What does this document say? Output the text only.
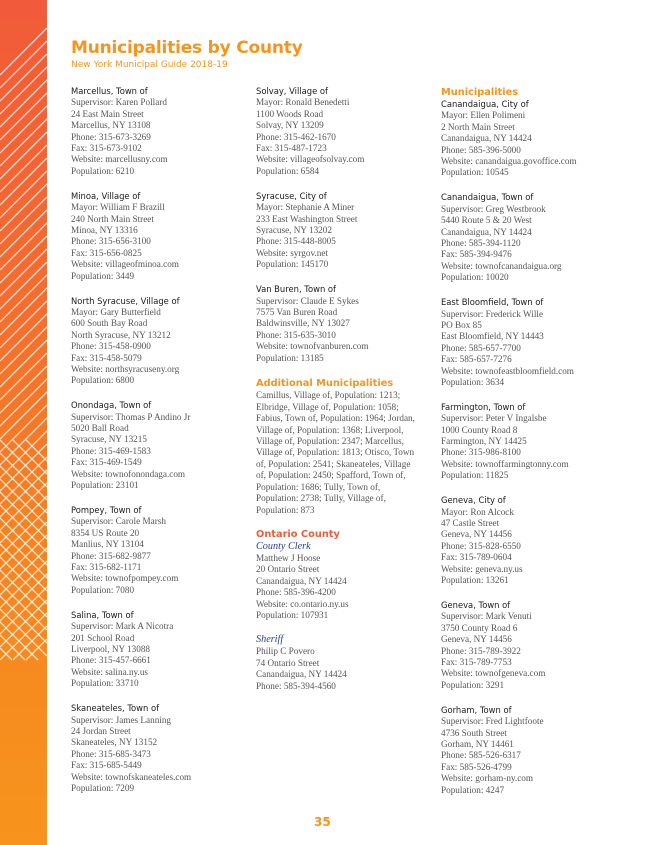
Municipalities by County
New York Municipal Guide 2018-19
Marcellus, Town of
Supervisor: Karen Pollard
24 East Main Street
Marcellus, NY 13108
Phone: 315-673-3269
Fax: 315-673-9102
Website: marcellusny.com
Population: 6210
Minoa, Village of
Mayor: William F Brazill
240 North Main Street
Minoa, NY 13316
Phone: 315-656-3100
Fax: 315-656-0825
Website: villageofminoa.com
Population: 3449
North Syracuse, Village of
Mayor: Gary Butterfield
600 South Bay Road
North Syracuse, NY 13212
Phone: 315-458-0900
Fax: 315-458-5079
Website: northsyracuseny.org
Population: 6800
Onondaga, Town of
Supervisor: Thomas P Andino Jr
5020 Ball Road
Syracuse, NY 13215
Phone: 315-469-1583
Fax: 315-469-1549
Website: townofonondaga.com
Population: 23101
Pompey, Town of
Supervisor: Carole Marsh
8354 US Route 20
Manlius, NY 13104
Phone: 315-682-9877
Fax: 315-682-1171
Website: townofpompey.com
Population: 7080
Salina, Town of
Supervisor: Mark A Nicotra
201 School Road
Liverpool, NY 13088
Phone: 315-457-6661
Website: salina.ny.us
Population: 33710
Skaneateles, Town of
Supervisor: James Lanning
24 Jordan Street
Skaneateles, NY 13152
Phone: 315-685-3473
Fax: 315-685-5449
Website: townofskaneateles.com
Population: 7209
Solvay, Village of
Mayor: Ronald Benedetti
1100 Woods Road
Solvay, NY 13209
Phone: 315-462-1670
Fax: 315-487-1723
Website: villageofsolvay.com
Population: 6584
Syracuse, City of
Mayor: Stephanie A Miner
233 East Washington Street
Syracuse, NY 13202
Phone: 315-448-8005
Website: syrgov.net
Population: 145170
Van Buren, Town of
Supervisor: Claude E Sykes
7575 Van Buren Road
Baldwinsville, NY 13027
Phone: 315-635-3010
Website: townofvanburen.com
Population: 13185
Additional Municipalities
Camillus, Village of, Population: 1213; Elbridge, Village of, Population: 1058; Fabius, Town of, Population: 1964; Jordan, Village of, Population: 1368; Liverpool, Village of, Population: 2347; Marcellus, Village of, Population: 1813; Otisco, Town of, Population: 2541; Skaneateles, Village of, Population: 2450; Spafford, Town of, Population: 1686; Tully, Town of, Population: 2738; Tully, Village of, Population: 873
Ontario County
County Clerk
Matthew J Hoose
20 Ontario Street
Canandaigua, NY 14424
Phone: 585-396-4200
Website: co.ontario.ny.us
Population: 107931
Sheriff
Philip C Povero
74 Ontario Street
Canandaigua, NY 14424
Phone: 585-394-4560
Municipalities
Canandaigua, City of
Mayor: Ellen Polimeni
2 North Main Street
Canandaigua, NY 14424
Phone: 585-396-5000
Website: canandaigua.govoffice.com
Population: 10545
Canandaigua, Town of
Supervisor: Greg Westbrook
5440 Route 5 & 20 West
Canandaigua, NY 14424
Phone: 585-394-1120
Fax: 585-394-9476
Website: townofcanandaigua.org
Population: 10020
East Bloomfield, Town of
Supervisor: Frederick Wille
PO Box 85
East Bloomfield, NY 14443
Phone: 585-657-7700
Fax: 585-657-7276
Website: townofeastbloomfield.com
Population: 3634
Farmington, Town of
Supervisor: Peter V Ingalsbe
1000 County Road 8
Farmington, NY 14425
Phone: 315-986-8100
Website: townoffarmingtonny.com
Population: 11825
Geneva, City of
Mayor: Ron Alcock
47 Castle Street
Geneva, NY 14456
Phone: 315-828-6550
Fax: 315-789-0604
Website: geneva.ny.us
Population: 13261
Geneva, Town of
Supervisor: Mark Venuti
3750 County Road 6
Geneva, NY 14456
Phone: 315-789-3922
Fax: 315-789-7753
Website: townofgeneva.com
Population: 3291
Gorham, Town of
Supervisor: Fred Lightfoote
4736 South Street
Gorham, NY 14461
Phone: 585-526-6317
Fax: 585-526-4799
Website: gorham-ny.com
Population: 4247
35
